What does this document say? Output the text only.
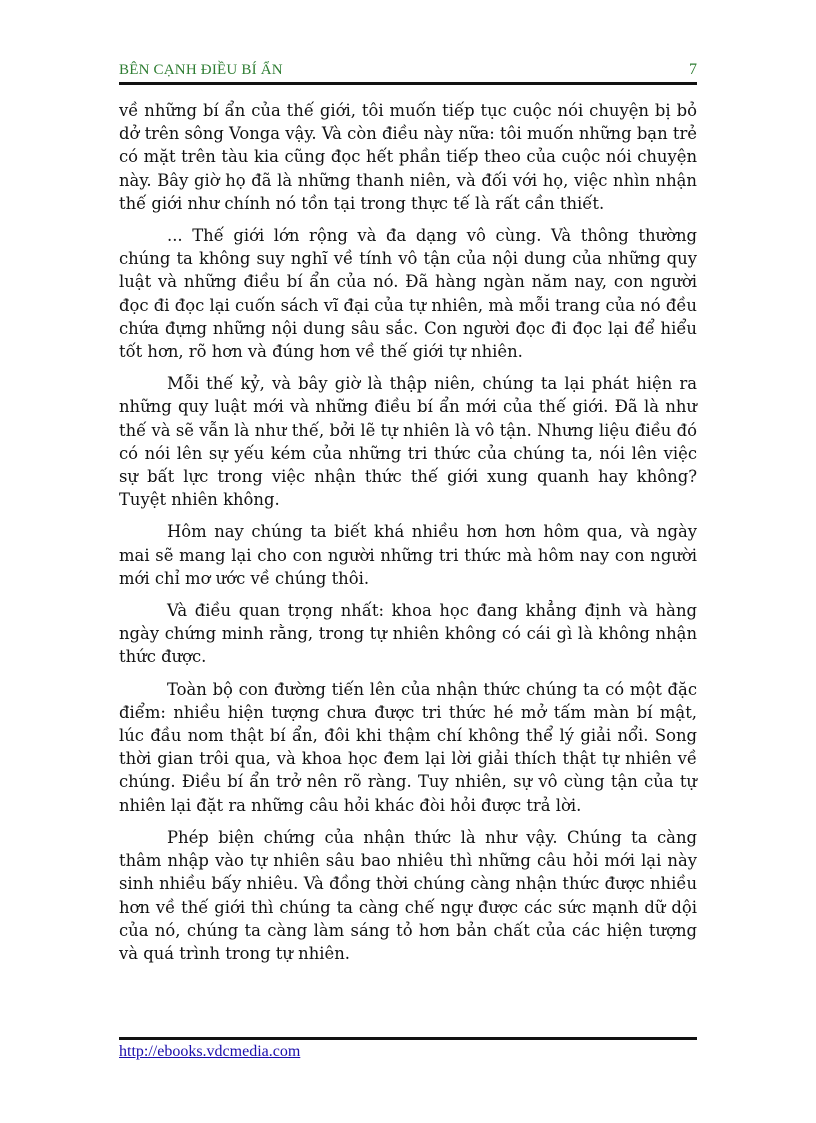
BÊN CẠNH ĐIỀU BÍ ẨN	7

về những bí ẩn của thế giới, tôi muốn tiếp tục cuộc nói chuyện bị bỏ dở trên sông Vonga vậy. Và còn điều này nữa: tôi muốn những bạn trẻ có mặt trên tàu kia cũng đọc hết phần tiếp theo của cuộc nói chuyện này. Bây giờ họ đã là những thanh niên, và đối với họ, việc nhìn nhận thế giới như chính nó tồn tại trong thực tế là rất cần thiết.

... Thế giới lớn rộng và đa dạng vô cùng. Và thông thường chúng ta không suy nghĩ về tính vô tận của nội dung của những quy luật và những điều bí ẩn của nó. Đã hàng ngàn năm nay, con người đọc đi đọc lại cuốn sách vĩ đại của tự nhiên, mà mỗi trang của nó đều chứa đựng những nội dung sâu sắc. Con người đọc đi đọc lại để hiểu tốt hơn, rõ hơn và đúng hơn về thế giới tự nhiên.

Mỗi thế kỷ, và bây giờ là thập niên, chúng ta lại phát hiện ra những quy luật mới và những điều bí ẩn mới của thế giới. Đã là như thế và sẽ vẫn là như thế, bởi lẽ tự nhiên là vô tận. Nhưng liệu điều đó có nói lên sự yếu kém của những tri thức của chúng ta, nói lên việc sự bất lực trong việc nhận thức thế giới xung quanh hay không? Tuyệt nhiên không.

Hôm nay chúng ta biết khá nhiều hơn hơn hôm qua, và ngày mai sẽ mang lại cho con người những tri thức mà hôm nay con người mới chỉ mơ ước về chúng thôi.

Và điều quan trọng nhất: khoa học đang khẳng định và hàng ngày chứng minh rằng, trong tự nhiên không có cái gì là không nhận thức được.

Toàn bộ con đường tiến lên của nhận thức chúng ta có một đặc điểm: nhiều hiện tượng chưa được tri thức hé mở tấm màn bí mật, lúc đầu nom thật bí ẩn, đôi khi thậm chí không thể lý giải nổi. Song thời gian trôi qua, và khoa học đem lại lời giải thích thật tự nhiên về chúng. Điều bí ẩn trở nên rõ ràng. Tuy nhiên, sự vô cùng tận của tự nhiên lại đặt ra những câu hỏi khác đòi hỏi được trả lời.

Phép biện chứng của nhận thức là như vậy. Chúng ta càng thâm nhập vào tự nhiên sâu bao nhiêu thì những câu hỏi mới lại này sinh nhiều bấy nhiêu. Và đồng thời chúng càng nhận thức được nhiều hơn về thế giới thì chúng ta càng chế ngự được các sức mạnh dữ dội của nó, chúng ta càng làm sáng tỏ hơn bản chất của các hiện tượng và quá trình trong tự nhiên.

http://ebooks.vdcmedia.com
